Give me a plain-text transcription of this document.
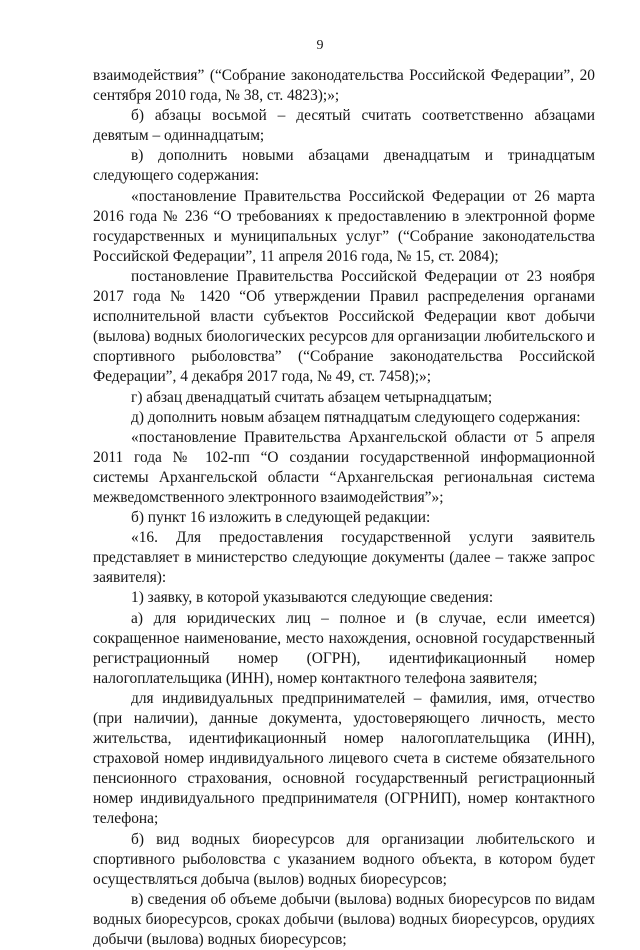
9

взаимодействия” (“Собрание законодательства Российской Федерации”, 20 сентября 2010 года, № 38, ст. 4823);»;

б) абзацы восьмой – десятый считать соответственно абзацами девятым – одиннадцатым;

в) дополнить новыми абзацами двенадцатым и тринадцатым следующего содержания:

«постановление Правительства Российской Федерации от 26 марта 2016 года № 236 “О требованиях к предоставлению в электронной форме государственных и муниципальных услуг” (“Собрание законодательства Российской Федерации”, 11 апреля 2016 года, № 15, ст. 2084);

постановление Правительства Российской Федерации от 23 ноября 2017 года № 1420 “Об утверждении Правил распределения органами исполнительной власти субъектов Российской Федерации квот добычи (вылова) водных биологических ресурсов для организации любительского и спортивного рыболовства” (“Собрание законодательства Российской Федерации”, 4 декабря 2017 года, № 49, ст. 7458);»;

г) абзац двенадцатый считать абзацем четырнадцатым;

д) дополнить новым абзацем пятнадцатым следующего содержания:

«постановление Правительства Архангельской области от 5 апреля 2011 года № 102-пп “О создании государственной информационной системы Архангельской области “Архангельская региональная система межведомственного электронного взаимодействия”»;

б) пункт 16 изложить в следующей редакции:

«16. Для предоставления государственной услуги заявитель представляет в министерство следующие документы (далее – также запрос заявителя):

1) заявку, в которой указываются следующие сведения:

а) для юридических лиц – полное и (в случае, если имеется) сокращенное наименование, место нахождения, основной государственный регистрационный номер (ОГРН), идентификационный номер налогоплательщика (ИНН), номер контактного телефона заявителя;

для индивидуальных предпринимателей – фамилия, имя, отчество (при наличии), данные документа, удостоверяющего личность, место жительства, идентификационный номер налогоплательщика (ИНН), страховой номер индивидуального лицевого счета в системе обязательного пенсионного страхования, основной государственный регистрационный номер индивидуального предпринимателя (ОГРНИП), номер контактного телефона;

б) вид водных биоресурсов для организации любительского и спортивного рыболовства с указанием водного объекта, в котором будет осуществляться добыча (вылов) водных биоресурсов;

в) сведения об объеме добычи (вылова) водных биоресурсов по видам водных биоресурсов, сроках добычи (вылова) водных биоресурсов, орудиях добычи (вылова) водных биоресурсов;
